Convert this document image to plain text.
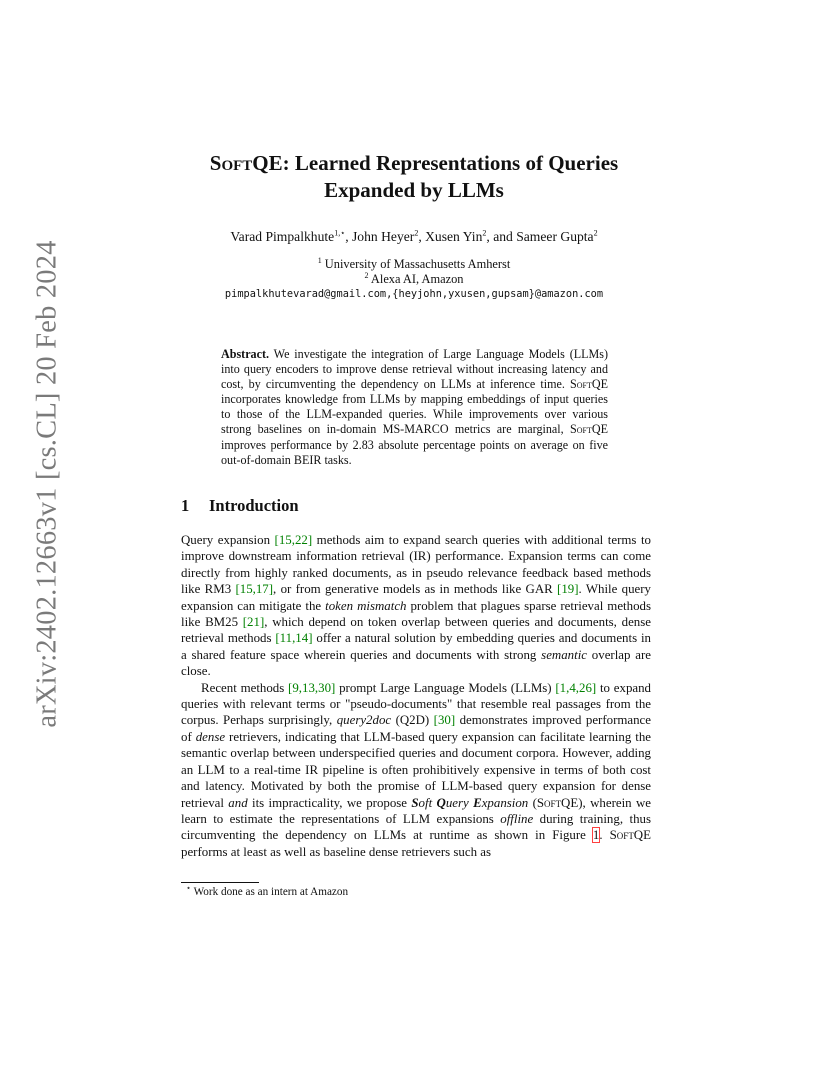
arXiv:2402.12663v1 [cs.CL] 20 Feb 2024
SoftQE: Learned Representations of Queries
Expanded by LLMs
Varad Pimpalkhute$^{1,⋆}$, John Heyer$^2$, Xusen Yin$^2$, and Sameer Gupta$^2$
$^1$ University of Massachusetts Amherst
$^2$ Alexa AI, Amazon
pimpalkhutevarad@gmail.com,{heyjohn,yxusen,gupsam}@amazon.com
Abstract. We investigate the integration of Large Language Models (LLMs) into query encoders to improve dense retrieval without increasing latency and cost, by circumventing the dependency on LLMs at inference time. SoftQE incorporates knowledge from LLMs by mapping embeddings of input queries to those of the LLM-expanded queries. While improvements over various strong baselines on in-domain MS-MARCO metrics are marginal, SoftQE improves performance by 2.83 absolute percentage points on average on five out-of-domain BEIR tasks.
1 Introduction

Query expansion [15,22] methods aim to expand search queries with additional terms to improve downstream information retrieval (IR) performance. Expansion terms can come directly from highly ranked documents, as in pseudo relevance feedback based methods like RM3 [15,17], or from generative models as in methods like GAR [19]. While query expansion can mitigate the token mismatch problem that plagues sparse retrieval methods like BM25 [21], which depend on token overlap between queries and documents, dense retrieval methods [11,14] offer a natural solution by embedding queries and documents in a shared feature space wherein queries and documents with strong semantic overlap are close.

Recent methods [9,13,30] prompt Large Language Models (LLMs) [1,4,26] to expand queries with relevant terms or "pseudo-documents" that resemble real passages from the corpus. Perhaps surprisingly, query2doc (Q2D) [30] demonstrates improved performance of dense retrievers, indicating that LLM-based query expansion can facilitate learning the semantic overlap between underspecified queries and document corpora. However, adding an LLM to a real-time IR pipeline is often prohibitively expensive in terms of both cost and latency. Motivated by both the promise of LLM-based query expansion for dense retrieval and its impracticality, we propose Soft Query Expansion (SoftQE), wherein we learn to estimate the representations of LLM expansions offline during training, thus circumventing the dependency on LLMs at runtime as shown in Figure 1. SoftQE performs at least as well as baseline dense retrievers such as

⋆ Work done as an intern at Amazon
